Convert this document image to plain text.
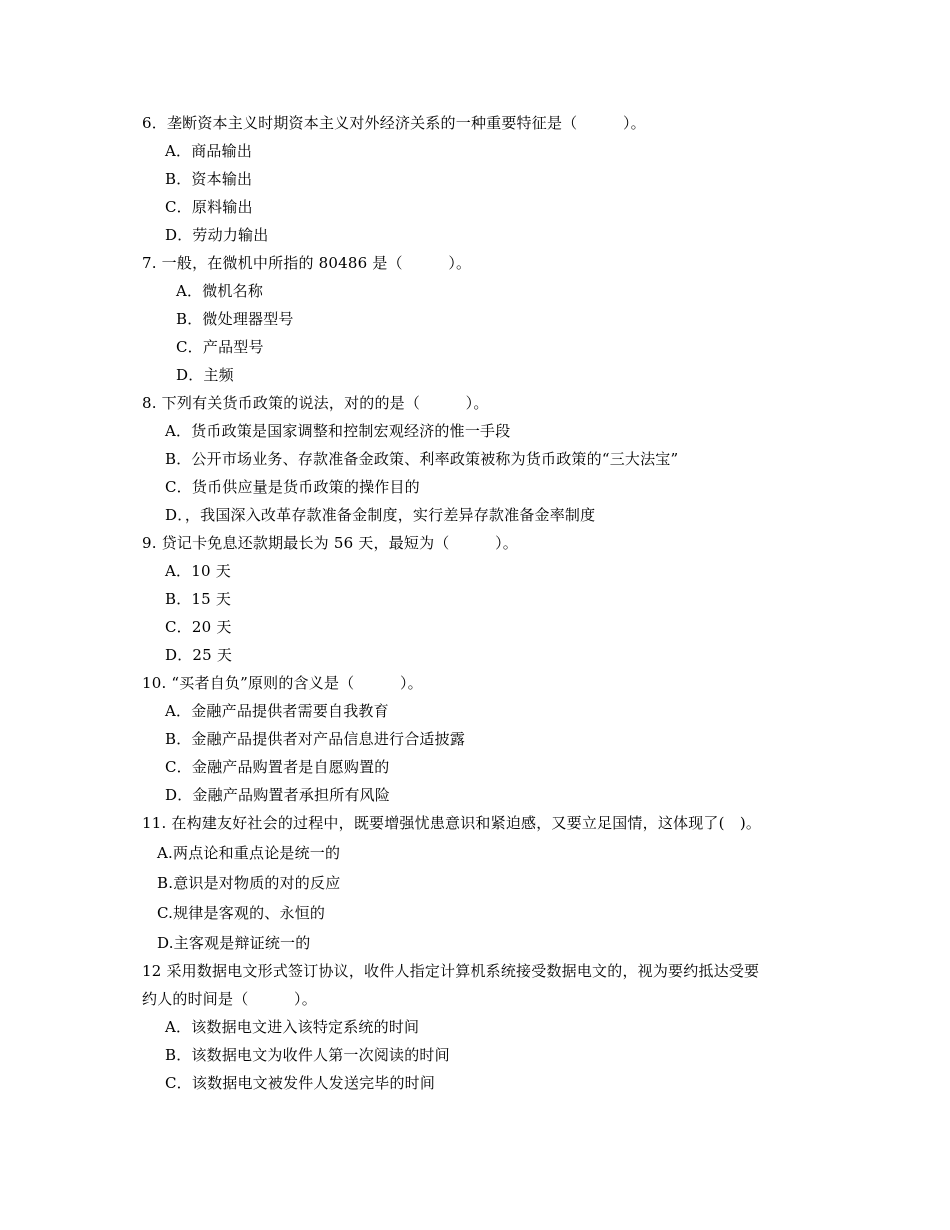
6．垄断资本主义时期资本主义对外经济关系的一种重要特征是（　　　）。
A．商品输出
B．资本输出
C．原料输出
D．劳动力输出
7. 一般，在微机中所指的 80486 是（　　　）。
A．微机名称
B．微处理器型号
C．产品型号
D．主频
8. 下列有关货币政策的说法，对的的是（　　　）。
A．货币政策是国家调整和控制宏观经济的惟一手段
B．公开市场业务、存款准备金政策、利率政策被称为货币政策的“三大法宝”
C．货币供应量是货币政策的操作目的
D．，我国深入改革存款准备金制度，实行差异存款准备金率制度
9. 贷记卡免息还款期最长为 56 天，最短为（　　　）。
A．10 天
B．15 天
C．20 天
D．25 天
10. “买者自负”原则的含义是（　　　）。
A．金融产品提供者需要自我教育
B．金融产品提供者对产品信息进行合适披露
C．金融产品购置者是自愿购置的
D．金融产品购置者承担所有风险
11. 在构建友好社会的过程中，既要增强忧患意识和紧迫感，又要立足国情，这体现了(　)。
A.两点论和重点论是统一的
B.意识是对物质的对的反应
C.规律是客观的、永恒的
D.主客观是辩证统一的
12 采用数据电文形式签订协议，收件人指定计算机系统接受数据电文的，视为要约抵达受要
约人的时间是（　　　）。
A．该数据电文进入该特定系统的时间
B．该数据电文为收件人第一次阅读的时间
C．该数据电文被发件人发送完毕的时间
